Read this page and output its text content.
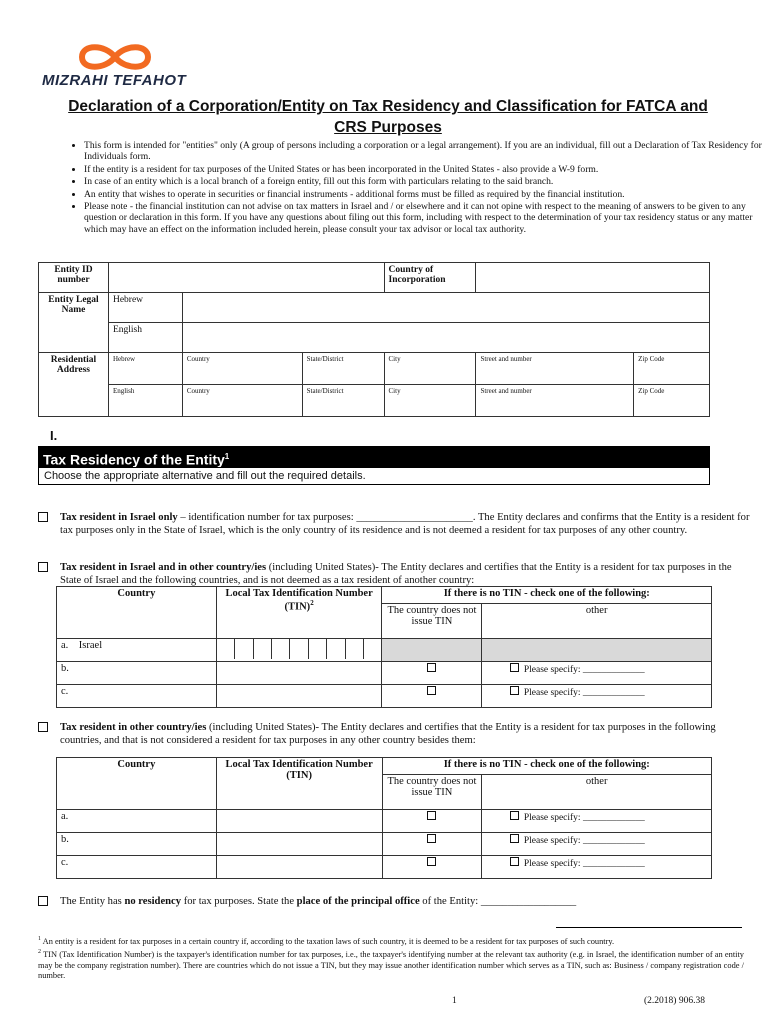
MIZRAHI TEFAHOT
Declaration of a Corporation/Entity on Tax Residency and Classification for FATCA and
CRS Purposes
• This form is intended for "entities" only (A group of persons including a corporation or a legal arrangement). If you are an individual, fill out a Declaration of Tax Residency for Individuals form.
• If the entity is a resident for tax purposes of the United States or has been incorporated in the United States - also provide a W-9 form.
• In case of an entity which is a local branch of a foreign entity, fill out this form with particulars relating to the said branch.
• An entity that wishes to operate in securities or financial instruments - additional forms must be filled as required by the financial institution.
• Please note - the financial institution can not advise on tax matters in Israel and / or elsewhere and it can not opine with respect to the meaning of answers to be given to any question or declaration in this form. If you have any questions about filing out this form, including with respect to the determination of your tax residency status or any matter which may have an effect on the information included herein, please consult your tax advisor or local tax authority.
Entity ID number				Country of Incorporation		
Entity Legal Name	Hebrew					
	English					
Residential Address	Hebrew	Country	State/District	City	Street and number	Zip Code
	English	Country	State/District	City	Street and number	Zip Code
I.
Tax Residency of the Entity$^1$
Choose the appropriate alternative and fill out the required details.
Tax resident in Israel only – identification number for tax purposes: ______________________. The Entity declares and confirms that the Entity is a resident for tax purposes only in the State of Israel, which is the only country of its residence and is not deemed a resident for tax purposes of any other country.
Tax resident in Israel and in other country/ies (including United States)- The Entity declares and certifies that the Entity is a resident for tax purposes in the State of Israel and the following countries, and is not deemed as a tax resident of another country:
Country	Local Tax Identification Number (TIN)$^2$	If there is no TIN - check one of the following:	
		The country does not issue TIN	other
a. Israel	

b.			Please specify: _____________
c.			Please specify: _____________
Tax resident in other country/ies (including United States)- The Entity declares and certifies that the Entity is a resident for tax purposes in the following countries, and that is not considered a resident for tax purposes in any other country besides them:
Country	Local Tax Identification Number (TIN)	If there is no TIN - check one of the following:	
		The country does not issue TIN	other
a.			Please specify: _____________
b.			Please specify: _____________
c.			Please specify: _____________
The Entity has no residency for tax purposes. State the place of the principal office of the Entity: __________________
$^1$ An entity is a resident for tax purposes in a certain country if, according to the taxation laws of such country, it is deemed to be a resident for tax purposes of such country.
$^2$ TIN (Tax Identification Number) is the taxpayer's identification number for tax purposes, i.e., the taxpayer's identifying number at the relevant tax authority (e.g. in Israel, the identification number of an entity may be the company registration number). There are countries which do not issue a TIN, but they may issue another identification number which serves as a TIN, such as: Business / company registration code / number.
1	(2.2018) 906.38
